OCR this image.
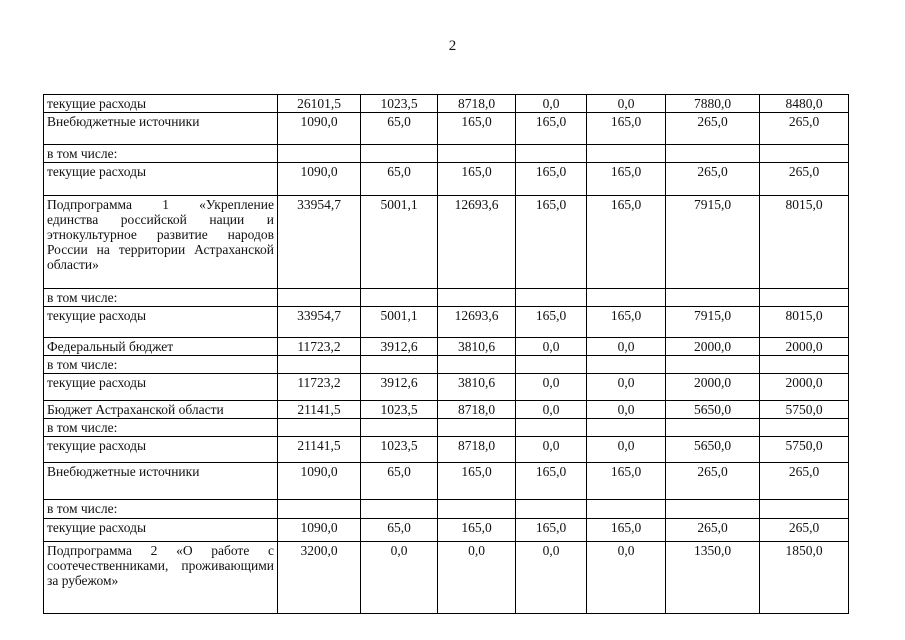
2
текущие расходы	26101,5	1023,5	8718,0	0,0	0,0	7880,0	8480,0
Внебюджетные источники	1090,0	65,0	165,0	165,0	165,0	265,0	265,0
в том числе:							
текущие расходы	1090,0	65,0	165,0	165,0	165,0	265,0	265,0
Подпрограмма 1 «Укрепление единства российской нации и этнокультурное развитие народов России на территории Астраханской области»	33954,7	5001,1	12693,6	165,0	165,0	7915,0	8015,0
в том числе:							
текущие расходы	33954,7	5001,1	12693,6	165,0	165,0	7915,0	8015,0
Федеральный бюджет	11723,2	3912,6	3810,6	0,0	0,0	2000,0	2000,0
в том числе:							
текущие расходы	11723,2	3912,6	3810,6	0,0	0,0	2000,0	2000,0
Бюджет Астраханской области	21141,5	1023,5	8718,0	0,0	0,0	5650,0	5750,0
в том числе:							
текущие расходы	21141,5	1023,5	8718,0	0,0	0,0	5650,0	5750,0
Внебюджетные источники	1090,0	65,0	165,0	165,0	165,0	265,0	265,0
в том числе:							
текущие расходы	1090,0	65,0	165,0	165,0	165,0	265,0	265,0
Подпрограмма 2 «О работе с соотечественниками, проживающими за рубежом»	3200,0	0,0	0,0	0,0	0,0	1350,0	1850,0
